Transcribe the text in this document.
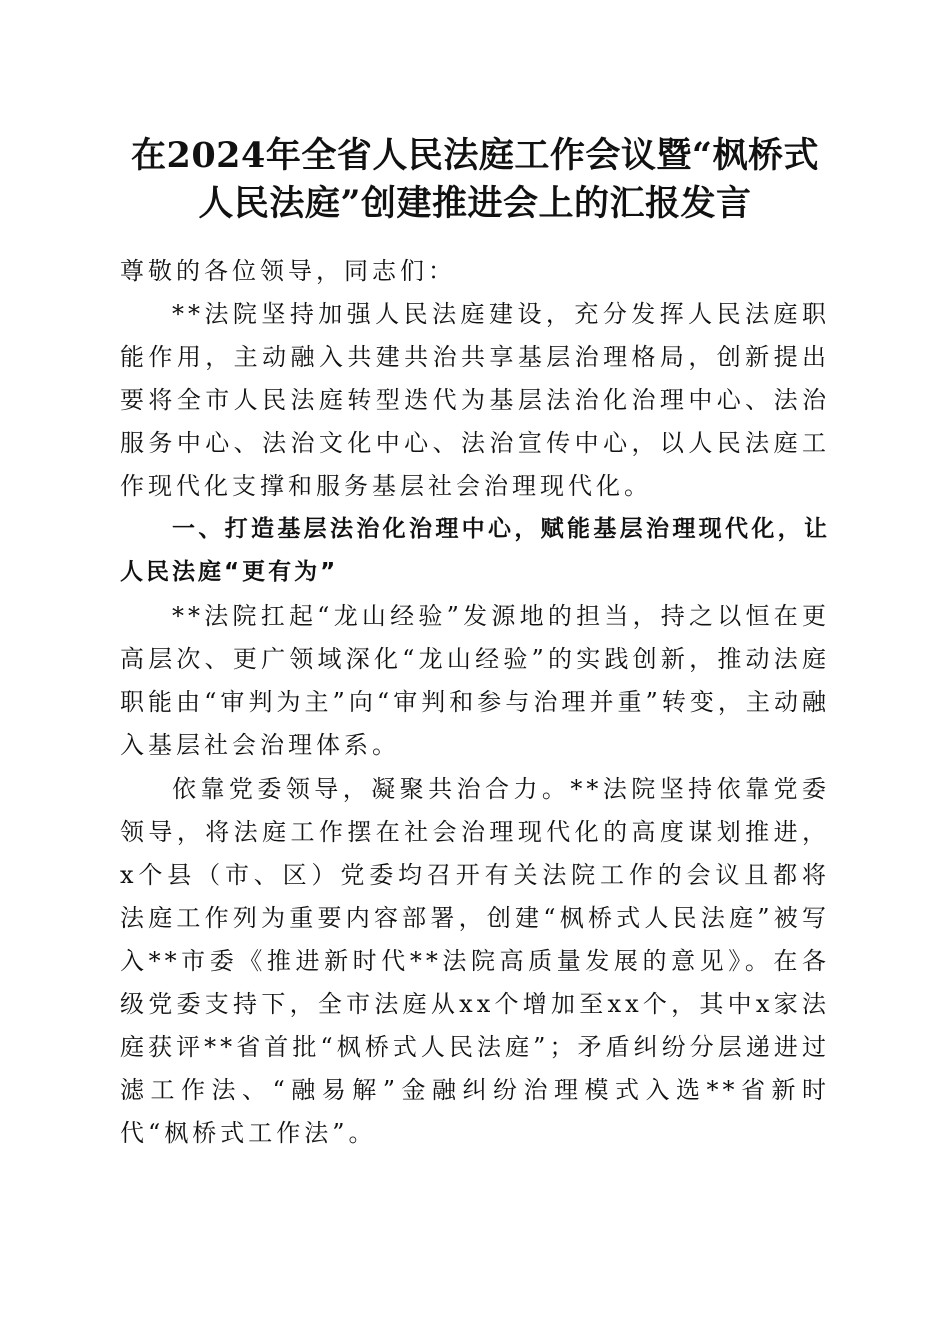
在2024年全省人民法庭工作会议暨“枫桥式
人民法庭”创建推进会上的汇报发言

尊敬的各位领导，同志们：

**法院坚持加强人民法庭建设，充分发挥人民法庭职能作用，主动融入共建共治共享基层治理格局，创新提出要将全市人民法庭转型迭代为基层法治化治理中心、法治服务中心、法治文化中心、法治宣传中心，以人民法庭工作现代化支撑和服务基层社会治理现代化。

一、打造基层法治化治理中心，赋能基层治理现代化，让人民法庭“更有为”

**法院扛起“龙山经验”发源地的担当，持之以恒在更高层次、更广领域深化“龙山经验”的实践创新，推动法庭职能由“审判为主”向“审判和参与治理并重”转变，主动融入基层社会治理体系。

依靠党委领导，凝聚共治合力。**法院坚持依靠党委领导，将法庭工作摆在社会治理现代化的高度谋划推进，x个县（市、区）党委均召开有关法院工作的会议且都将法庭工作列为重要内容部署，创建“枫桥式人民法庭”被写入**市委《推进新时代**法院高质量发展的意见》。在各级党委支持下，全市法庭从xx个增加至xx个，其中x家法庭获评**省首批“枫桥式人民法庭”；矛盾纠纷分层递进过滤工作法、“融易解”金融纠纷治理模式入选**省新时代“枫桥式工作法”。
